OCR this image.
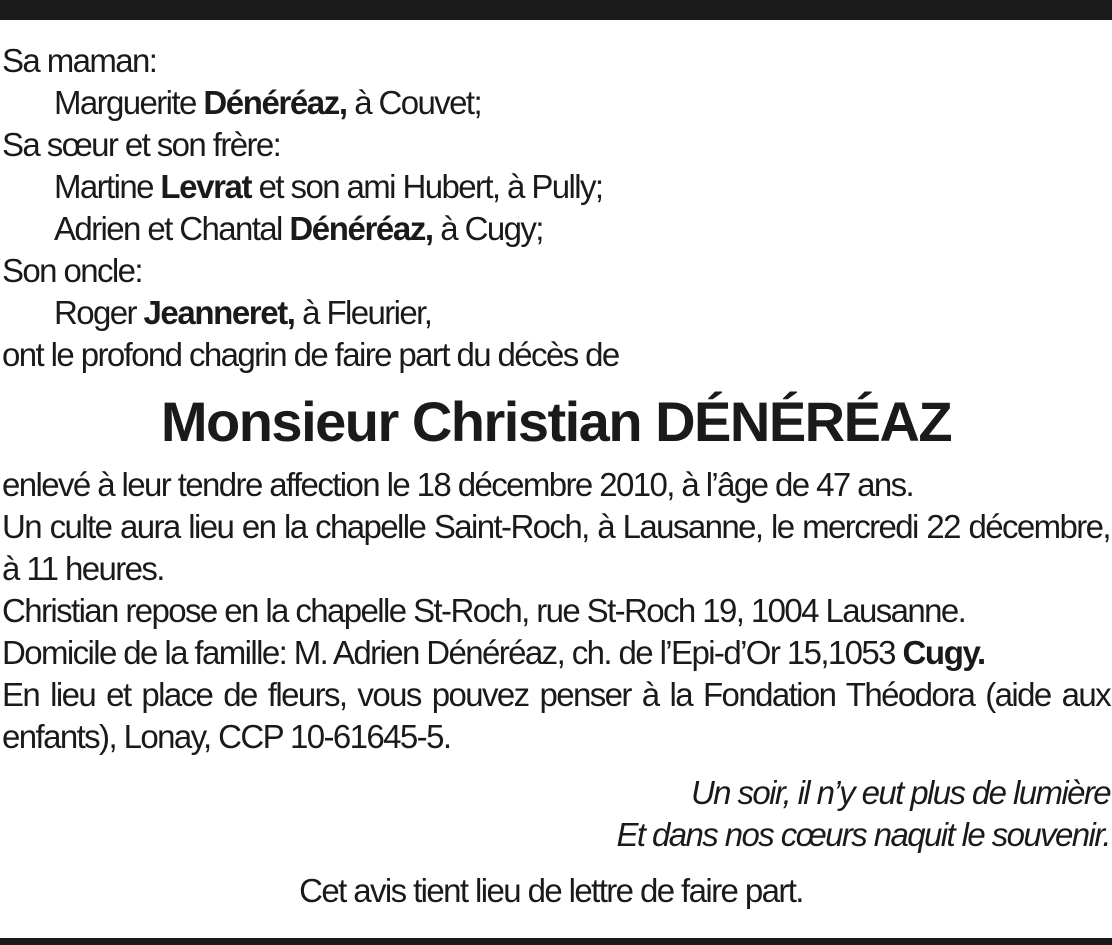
Sa maman:
Marguerite Dénéréaz, à Couvet;
Sa sœur et son frère:
Martine Levrat et son ami Hubert, à Pully;
Adrien et Chantal Dénéréaz, à Cugy;
Son oncle:
Roger Jeanneret, à Fleurier,
ont le profond chagrin de faire part du décès de
Monsieur Christian DÉNÉRÉAZ
enlevé à leur tendre affection le 18 décembre 2010, à l’âge de 47 ans.
Un culte aura lieu en la chapelle Saint-Roch, à Lausanne, le mercredi 22 décembre, à 11 heures.
Christian repose en la chapelle St-Roch, rue St-Roch 19, 1004 Lausanne.
Domicile de la famille: M. Adrien Dénéréaz, ch. de l’Epi-d’Or 15,1053 Cugy.
En lieu et place de fleurs, vous pouvez penser à la Fondation Théodora (aide aux enfants), Lonay, CCP 10-61645-5.
Un soir, il n’y eut plus de lumière
Et dans nos cœurs naquit le souvenir.
Cet avis tient lieu de lettre de faire part.
